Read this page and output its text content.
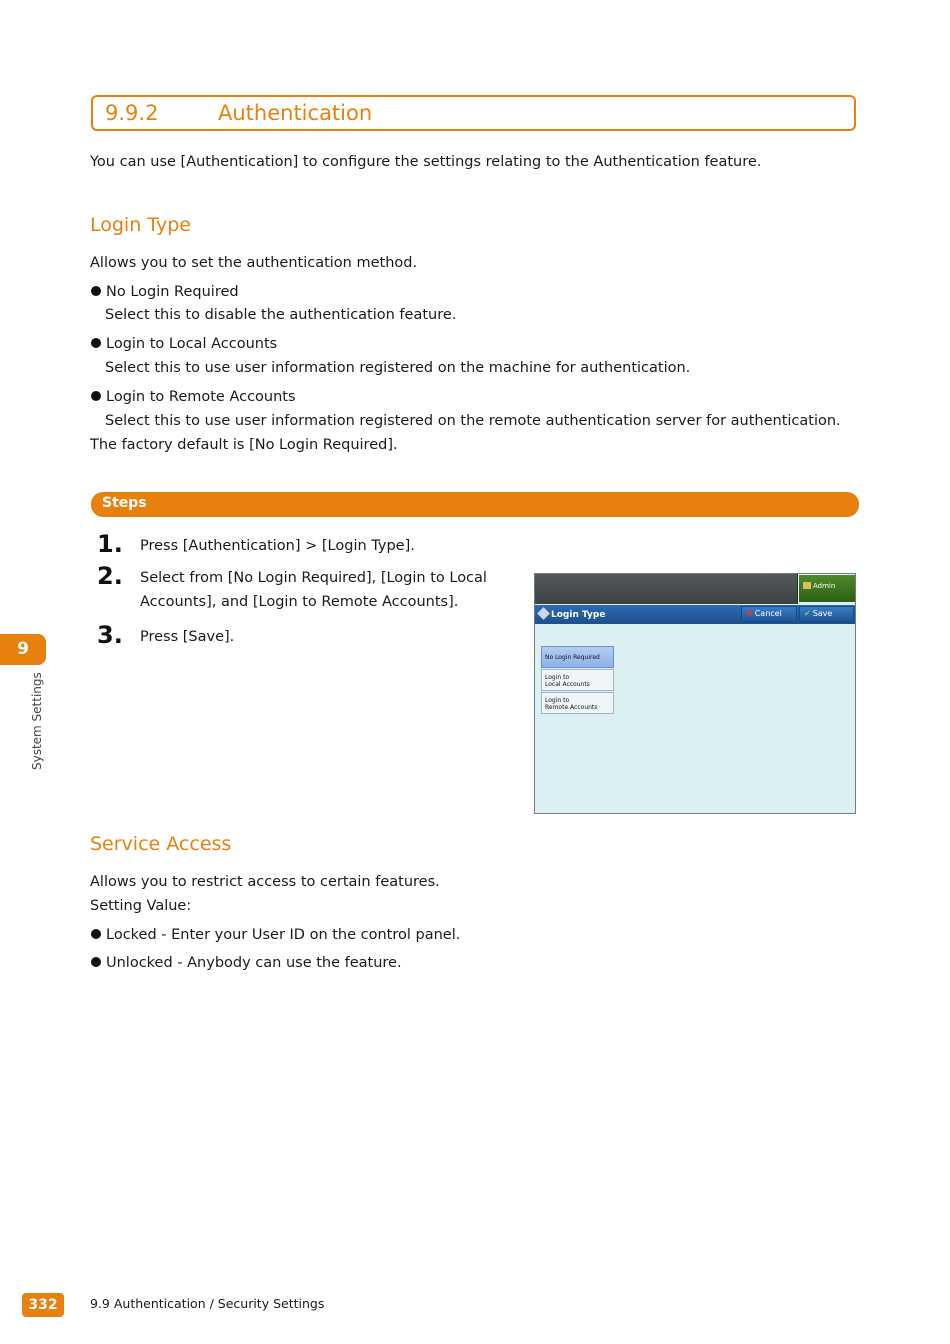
9.9.2	Authentication
You can use [Authentication] to configure the settings relating to the Authentication feature.
Login Type
Allows you to set the authentication method.
No Login Required
Select this to disable the authentication feature.
Login to Local Accounts
Select this to use user information registered on the machine for authentication.
Login to Remote Accounts
Select this to use user information registered on the remote authentication server for authentication.
The factory default is [No Login Required].
Steps
1. Press [Authentication] > [Login Type].
2. Select from [No Login Required], [Login to Local
Accounts], and [Login to Remote Accounts].
3. Press [Save].
Admin
Login Type	✖ Cancel	✔ Save
No Login Required
Login to
Local Accounts
Login to
Remote Accounts
Service Access
Allows you to restrict access to certain features.
Setting Value:
Locked - Enter your User ID on the control panel.
Unlocked - Anybody can use the feature.
9
System Settings
332	9.9 Authentication / Security Settings
